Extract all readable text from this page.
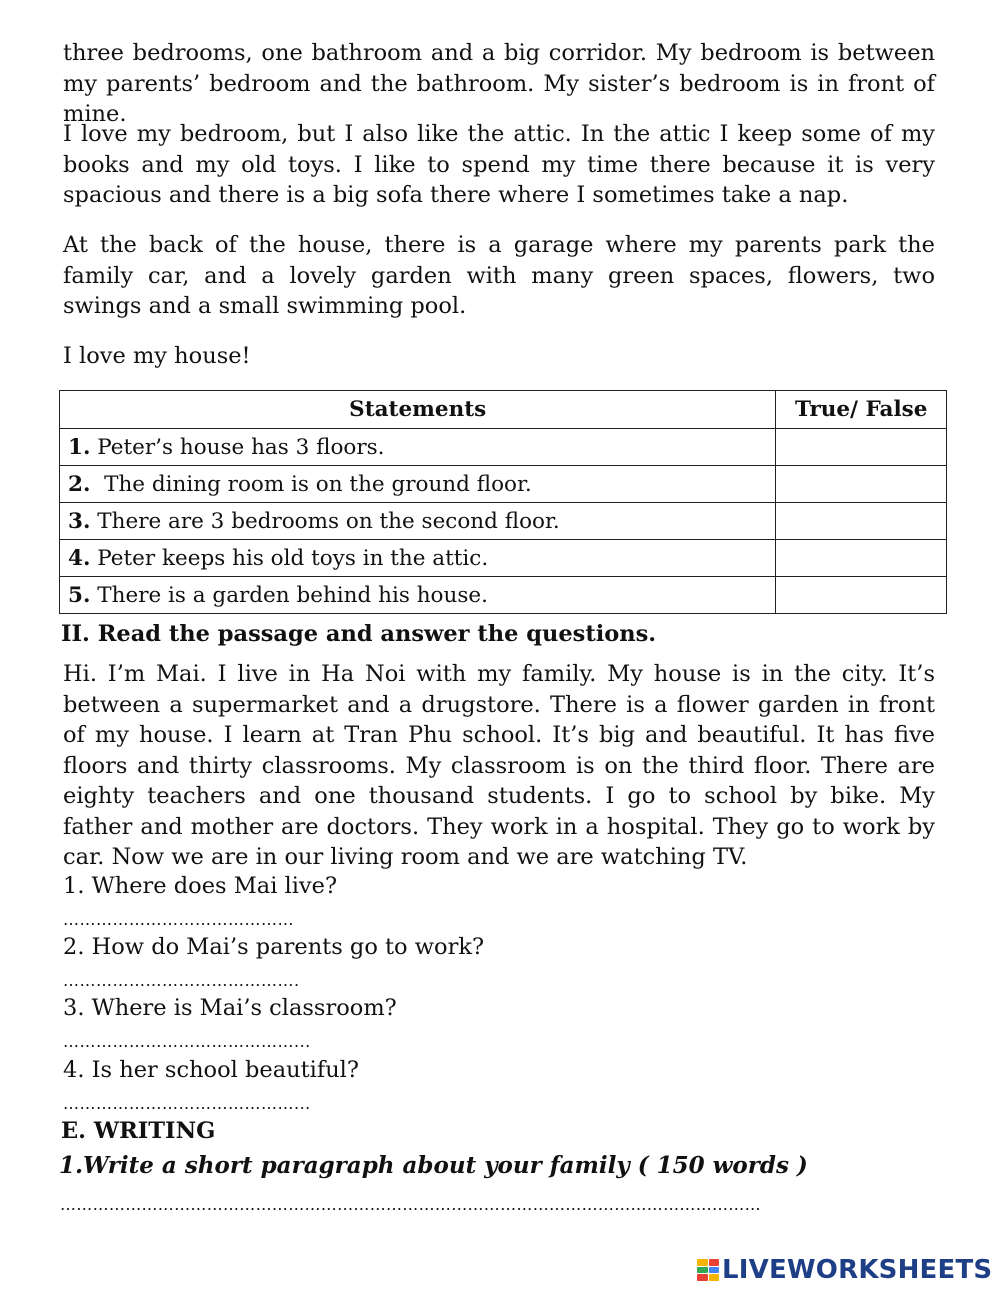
three bedrooms, one bathroom and a big corridor. My bedroom is between my parents’ bedroom and the bathroom. My sister’s bedroom is in front of mine.

I love my bedroom, but I also like the attic. In the attic I keep some of my books and my old toys. I like to spend my time there because it is very spacious and there is a big sofa there where I sometimes take a nap.

At the back of the house, there is a garage where my parents park the family car, and a lovely garden with many green spaces, flowers, two swings and a small swimming pool.

I love my house!

Statements	True/ False
1. Peter’s house has 3 floors.	
2.  The dining room is on the ground floor.	
3. There are 3 bedrooms on the second floor.	
4. Peter keeps his old toys in the attic.	
5. There is a garden behind his house.	

II. Read the passage and answer the questions.

Hi. I’m Mai. I live in Ha Noi with my family. My house is in the city. It’s between a supermarket and a drugstore. There is a flower garden in front of my house. I learn at Tran Phu school. It’s big and beautiful. It has five floors and thirty classrooms. My classroom is on the third floor. There are eighty teachers and one thousand students. I go to school by bike. My father and mother are doctors. They work in a hospital. They go to work by car. Now we are in our living room and we are watching TV.

1. Where does Mai live?

……………………………………

2. How do Mai’s parents go to work?

…………………………………….

3. Where is Mai’s classroom?

……………………………………...

4. Is her school beautiful?

……………………………………...

E. WRITING

1.Write a short paragraph about your family ( 150 words )

…………………………………………………………………………………………………………………

LIVEWORKSHEETS
